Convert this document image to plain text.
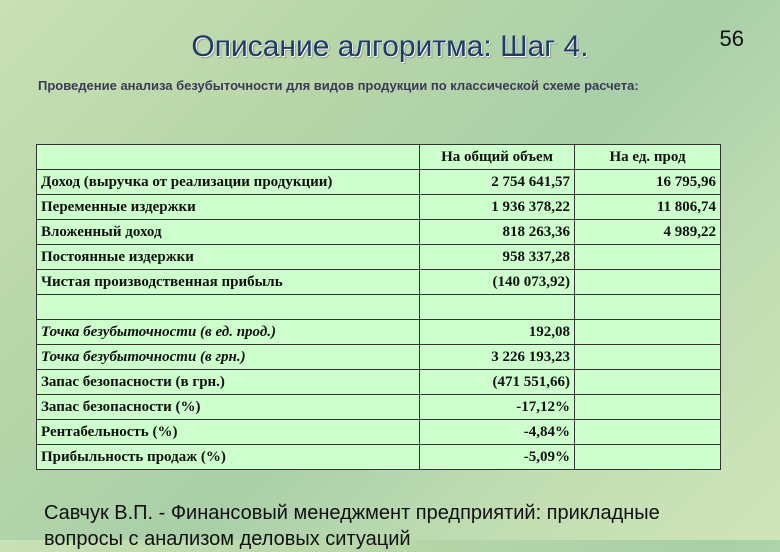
Описание алгоритма: Шаг 4.	56
Проведение анализа безубыточности для видов продукции по классической схеме расчета:
	На общий объем	На ед. прод
Доход (выручка от реализации продукции)	2 754 641,57	16 795,96
Переменные издержки	1 936 378,22	11 806,74
Вложенный доход	818 263,36	4 989,22
Постоянные издержки	958 337,28	
Чистая производственная прибыль	(140 073,92)	

Точка безубыточности (в ед. прод.)	192,08	
Точка безубыточности (в грн.)	3 226 193,23	
Запас безопасности (в грн.)	(471 551,66)	
Запас безопасности (%)	-17,12%	
Рентабельность (%)	-4,84%	
Прибыльность продаж (%)	-5,09%	
Савчук В.П. - Финансовый менеджмент предприятий: прикладные
вопросы с анализом деловых ситуаций
